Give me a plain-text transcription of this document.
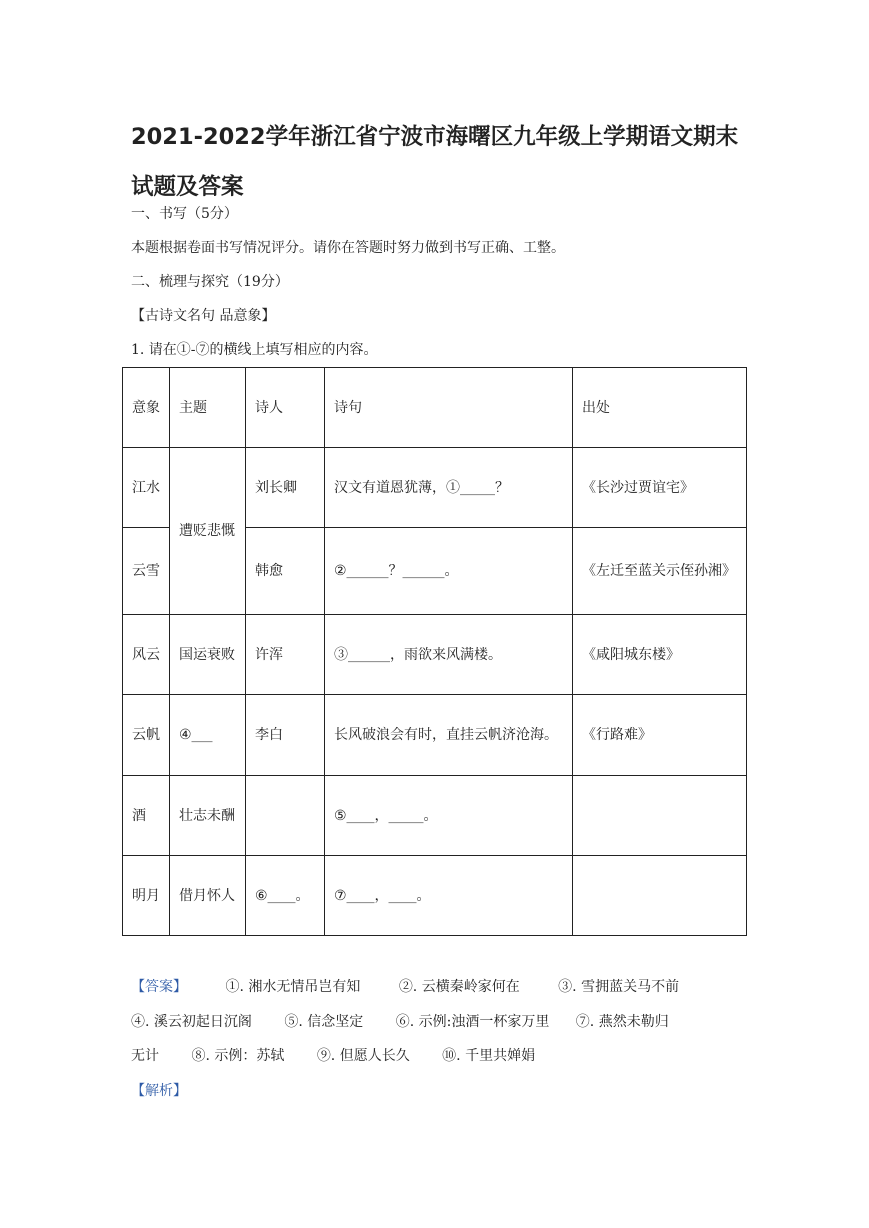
2021-2022学年浙江省宁波市海曙区九年级上学期语文期末试题及答案
一、书写（5分）
本题根据卷面书写情况评分。请你在答题时努力做到书写正确、工整。
二、梳理与探究（19分）
【古诗文名句 品意象】
1. 请在①-⑦的横线上填写相应的内容。
意象	主题	诗人	诗句	出处
江水	遭贬悲慨	刘长卿	汉文有道恩犹薄，①_____？	《长沙过贾谊宅》
云雪		韩愈	②______？______。	《左迁至蓝关示侄孙湘》
风云	国运衰败	许浑	③______，雨欲来风满楼。	《咸阳城东楼》
云帆	④___	李白	长风破浪会有时，直挂云帆济沧海。	《行路难》
酒	壮志未酬		⑤____，_____。	
明月	借月怀人	⑥____。	⑦____，____。	
【答案】	①. 湘水无情吊岂有知	②. 云横秦岭家何在	③. 雪拥蓝关马不前
④. 溪云初起日沉阁 ⑤. 信念坚定 ⑥. 示例:浊酒一杯家万里 ⑦. 燕然未勒归
无计 ⑧. 示例：苏轼 ⑨. 但愿人长久 ⑩. 千里共婵娟
【解析】
